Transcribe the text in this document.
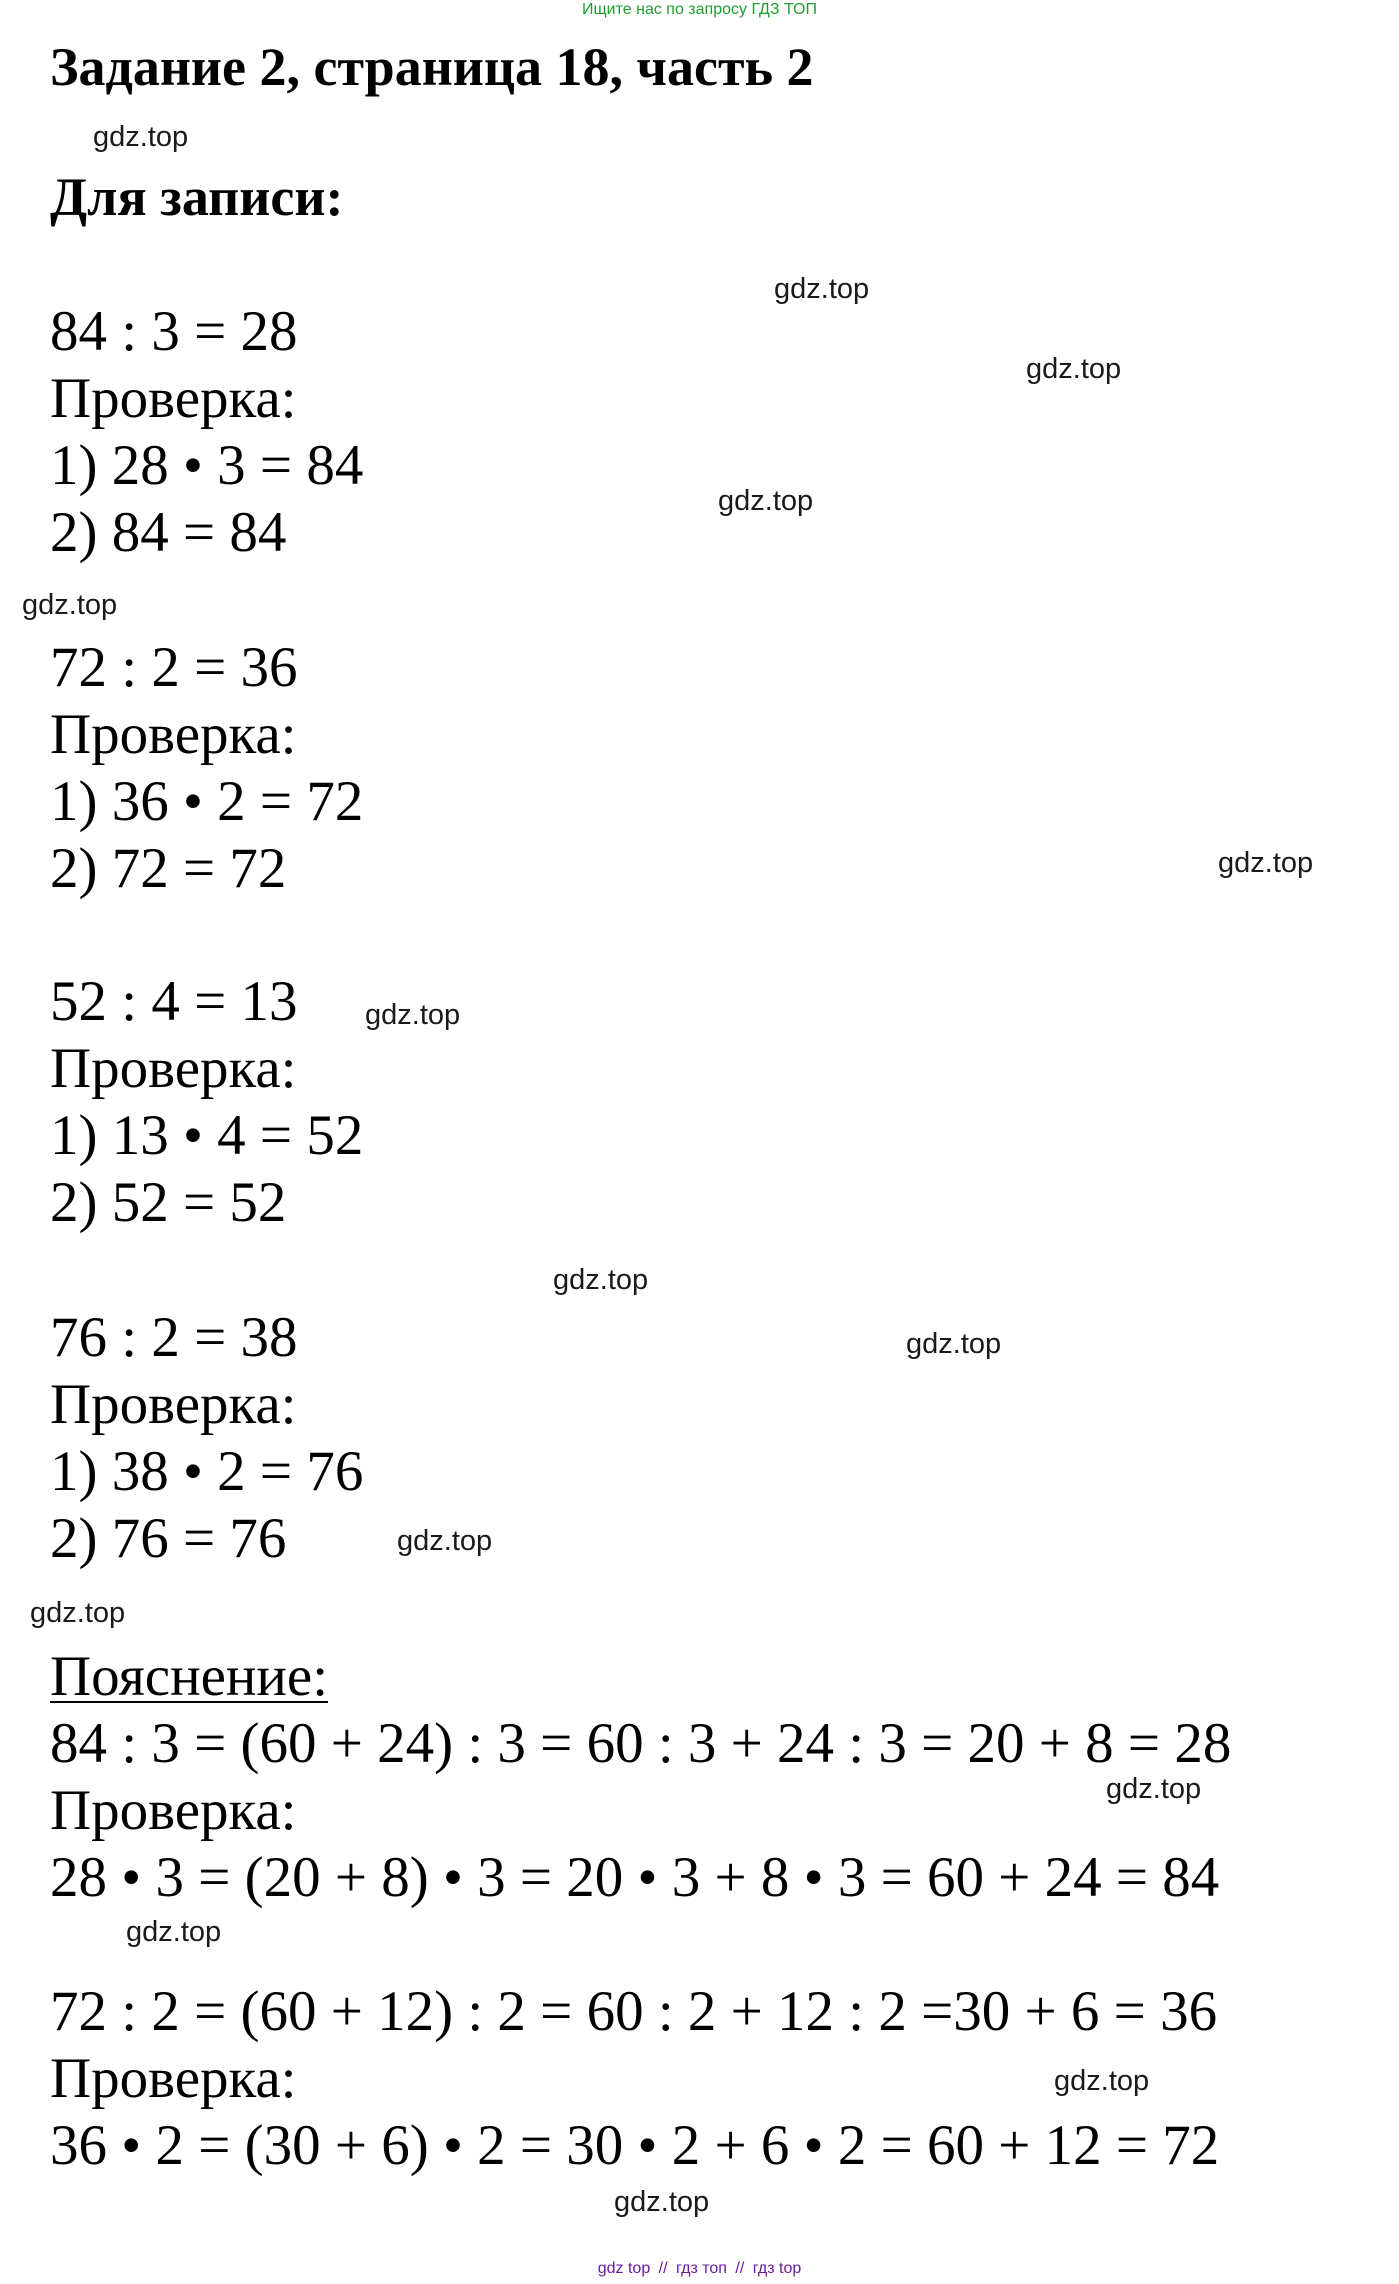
Ищите нас по запросу ГДЗ ТОП
Задание 2, страница 18, часть 2
Для записи:
84 : 3 = 28
Проверка:
1) 28 • 3 = 84
2) 84 = 84
72 : 2 = 36
Проверка:
1) 36 • 2 = 72
2) 72 = 72
52 : 4 = 13
Проверка:
1) 13 • 4 = 52
2) 52 = 52
76 : 2 = 38
Проверка:
1) 38 • 2 = 76
2) 76 = 76
Пояснение:
84 : 3 = (60 + 24) : 3 = 60 : 3 + 24 : 3 = 20 + 8 = 28
Проверка:
28 • 3 = (20 + 8) • 3 = 20 • 3 + 8 • 3 = 60 + 24 = 84
72 : 2 = (60 + 12) : 2 = 60 : 2 + 12 : 2 =30 + 6 = 36
Проверка:
36 • 2 = (30 + 6) • 2 = 30 • 2 + 6 • 2 = 60 + 12 = 72
gdz.top
gdz.top
gdz.top
gdz.top
gdz.top
gdz.top
gdz.top
gdz.top
gdz.top
gdz.top
gdz.top
gdz.top
gdz.top
gdz.top
gdz.top
gdz top // гдз топ // гдз top
